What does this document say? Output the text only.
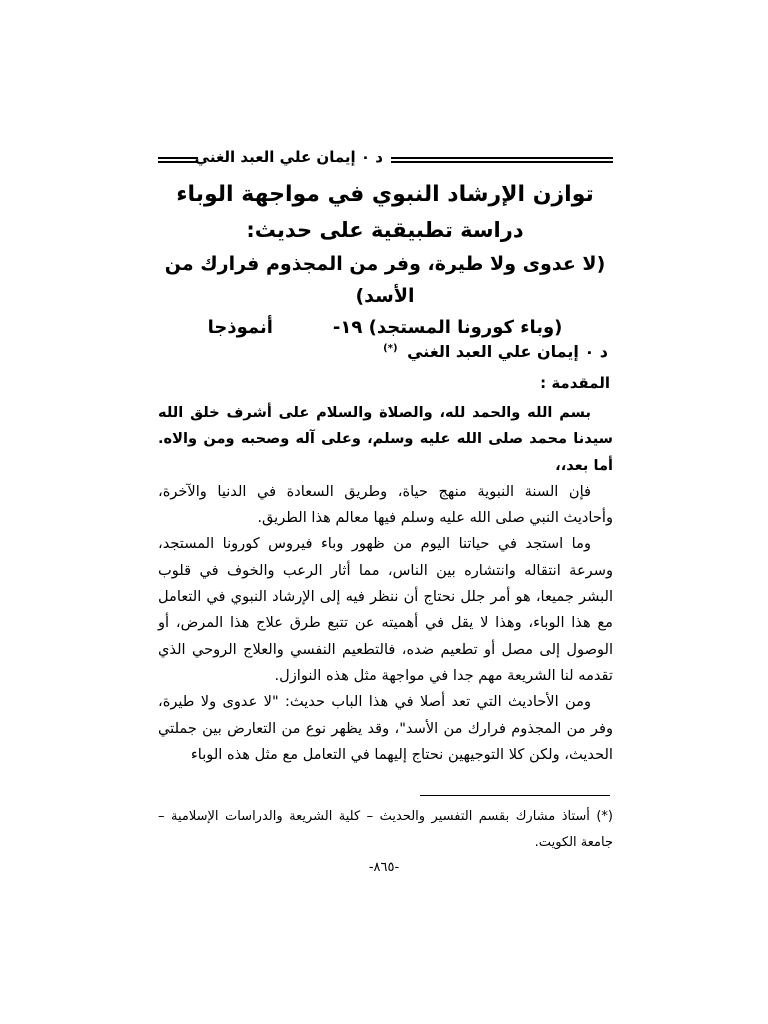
د ٠ إيمان علي العبد الغني
توازن الإرشاد النبوي في مواجهة الوباء
دراسة تطبيقية على حديث:
(لا عدوى ولا طيرة، وفر من المجذوم فرارك من الأسد)
(وباء كورونا المستجد) ١٩-
أنموذجا
د ٠ إيمان علي العبد الغني (*)
المقدمة :

بسم الله والحمد لله، والصلاة والسلام على أشرف خلق الله سيدنا محمد صلى الله عليه وسلم، وعلى آله وصحبه ومن والاه. أما بعد،،

فإن السنة النبوية منهج حياة، وطريق السعادة في الدنيا والآخرة، وأحاديث النبي صلى الله عليه وسلم فيها معالم هذا الطريق.

وما استجد في حياتنا اليوم من ظهور وباء فيروس كورونا المستجد، وسرعة انتقاله وانتشاره بين الناس، مما أثار الرعب والخوف في قلوب البشر جميعا، هو أمر جلل نحتاج أن ننظر فيه إلى الإرشاد النبوي في التعامل مع هذا الوباء، وهذا لا يقل في أهميته عن تتبع طرق علاج هذا المرض، أو الوصول إلى مصل أو تطعيم ضده، فالتطعيم النفسي والعلاج الروحي الذي تقدمه لنا الشريعة مهم جدا في مواجهة مثل هذه النوازل.

ومن الأحاديث التي تعد أصلا في هذا الباب حديث: "لا عدوى ولا طيرة، وفر من المجذوم فرارك من الأسد"، وقد يظهر نوع من التعارض بين جملتي الحديث، ولكن كلا التوجيهين نحتاج إليهما في التعامل مع مثل هذه الوباء

(*) أستاذ مشارك بقسم التفسير والحديث – كلية الشريعة والدراسات الإسلامية – جامعة الكويت.
-٨٦٥-
